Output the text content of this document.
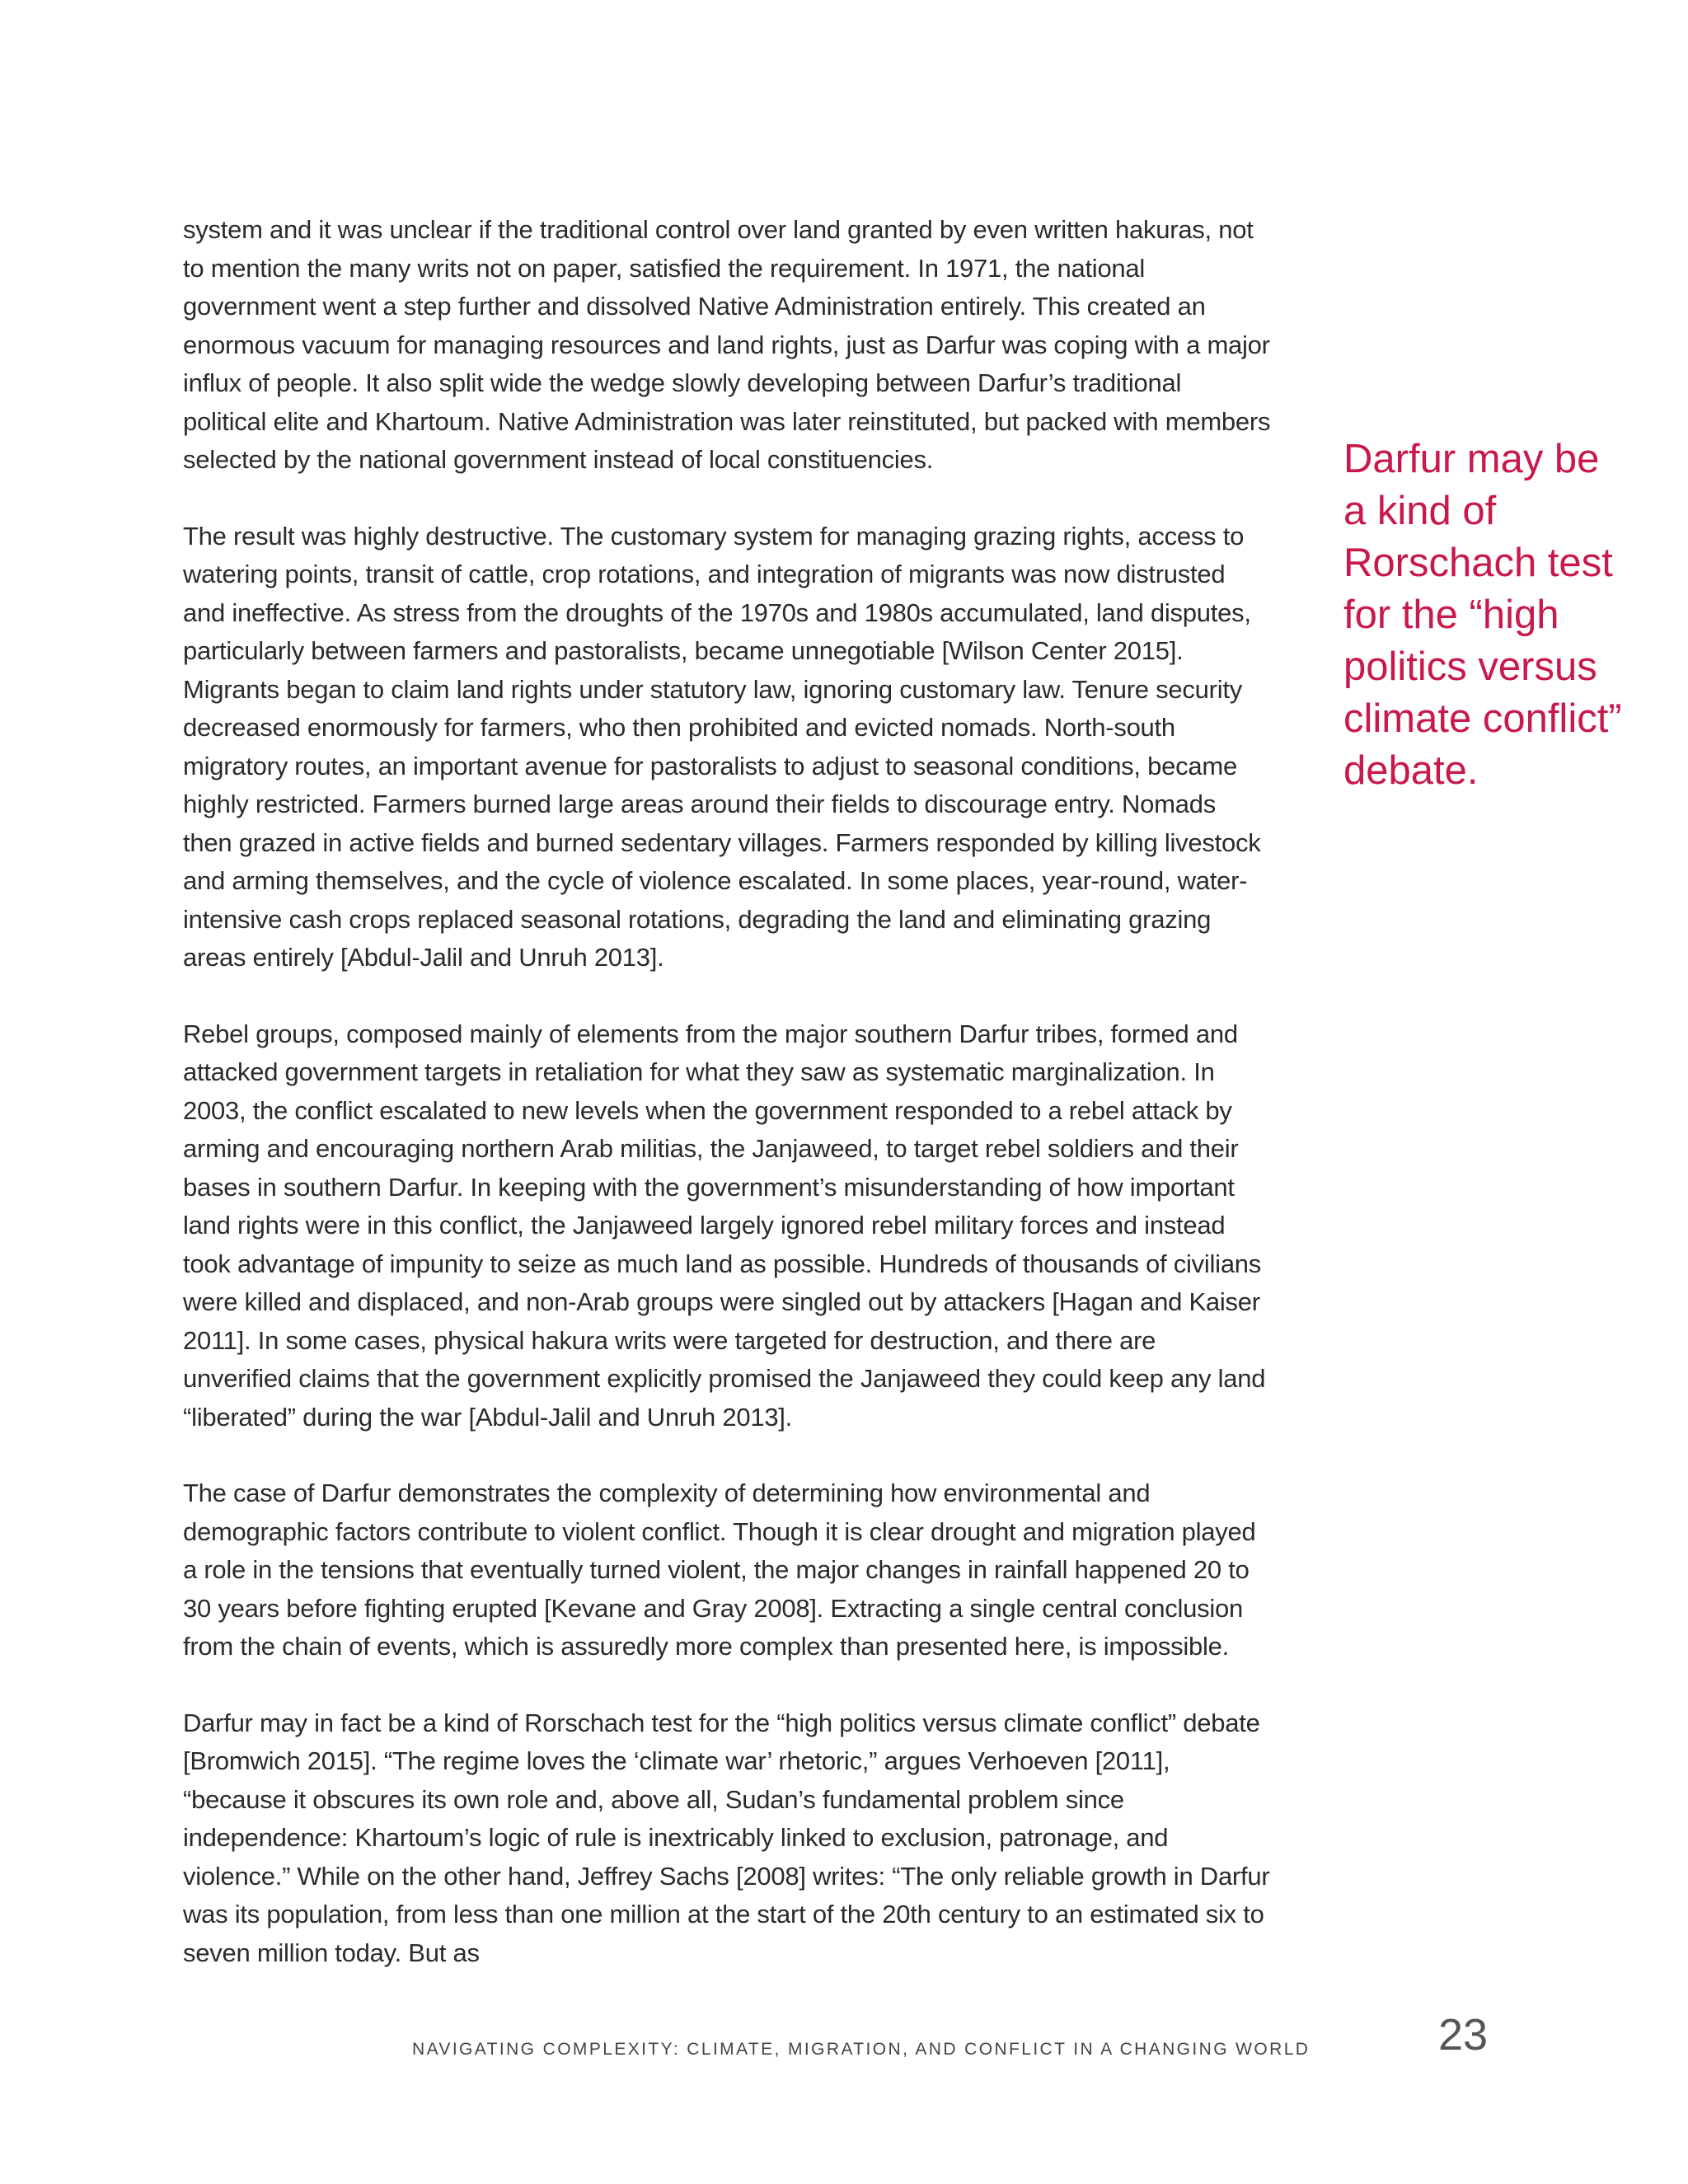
system and it was unclear if the traditional control over land granted by even written hakuras, not to mention the many writs not on paper, satisfied the requirement. In 1971, the national government went a step further and dissolved Native Administration entirely. This created an enormous vacuum for managing resources and land rights, just as Darfur was coping with a major influx of people. It also split wide the wedge slowly developing between Darfur’s traditional political elite and Khartoum. Native Administration was later reinstituted, but packed with members selected by the national government instead of local constituencies.

The result was highly destructive. The customary system for managing grazing rights, access to watering points, transit of cattle, crop rotations, and integration of migrants was now distrusted and ineffective. As stress from the droughts of the 1970s and 1980s accumulated, land disputes, particularly between farmers and pastoralists, became unnegotiable [Wilson Center 2015]. Migrants began to claim land rights under statutory law, ignoring customary law. Tenure security decreased enormously for farmers, who then prohibited and evicted nomads. North-south migratory routes, an important avenue for pastoralists to adjust to seasonal conditions, became highly restricted. Farmers burned large areas around their fields to discourage entry. Nomads then grazed in active fields and burned sedentary villages. Farmers responded by killing livestock and arming themselves, and the cycle of violence escalated. In some places, year-round, water-intensive cash crops replaced seasonal rotations, degrading the land and eliminating grazing areas entirely [Abdul-Jalil and Unruh 2013].

Rebel groups, composed mainly of elements from the major southern Darfur tribes, formed and attacked government targets in retaliation for what they saw as systematic marginalization. In 2003, the conflict escalated to new levels when the government responded to a rebel attack by arming and encouraging northern Arab militias, the Janjaweed, to target rebel soldiers and their bases in southern Darfur. In keeping with the government’s misunderstanding of how important land rights were in this conflict, the Janjaweed largely ignored rebel military forces and instead took advantage of impunity to seize as much land as possible. Hundreds of thousands of civilians were killed and displaced, and non-Arab groups were singled out by attackers [Hagan and Kaiser 2011]. In some cases, physical hakura writs were targeted for destruction, and there are unverified claims that the government explicitly promised the Janjaweed they could keep any land “liberated” during the war [Abdul-Jalil and Unruh 2013].

The case of Darfur demonstrates the complexity of determining how environmental and demographic factors contribute to violent conflict. Though it is clear drought and migration played a role in the tensions that eventually turned violent, the major changes in rainfall happened 20 to 30 years before fighting erupted [Kevane and Gray 2008]. Extracting a single central conclusion from the chain of events, which is assuredly more complex than presented here, is impossible.

Darfur may in fact be a kind of Rorschach test for the “high politics versus climate conflict” debate [Bromwich 2015]. “The regime loves the ‘climate war’ rhetoric,” argues Verhoeven [2011], “because it obscures its own role and, above all, Sudan’s fundamental problem since independence: Khartoum’s logic of rule is inextricably linked to exclusion, patronage, and violence.” While on the other hand, Jeffrey Sachs [2008] writes: “The only reliable growth in Darfur was its population, from less than one million at the start of the 20th century to an estimated six to seven million today. But as

Darfur may be a kind of Rorschach test for the “high politics versus climate conflict” debate.

NAVIGATING COMPLEXITY: CLIMATE, MIGRATION, AND CONFLICT IN A CHANGING WORLD	23
